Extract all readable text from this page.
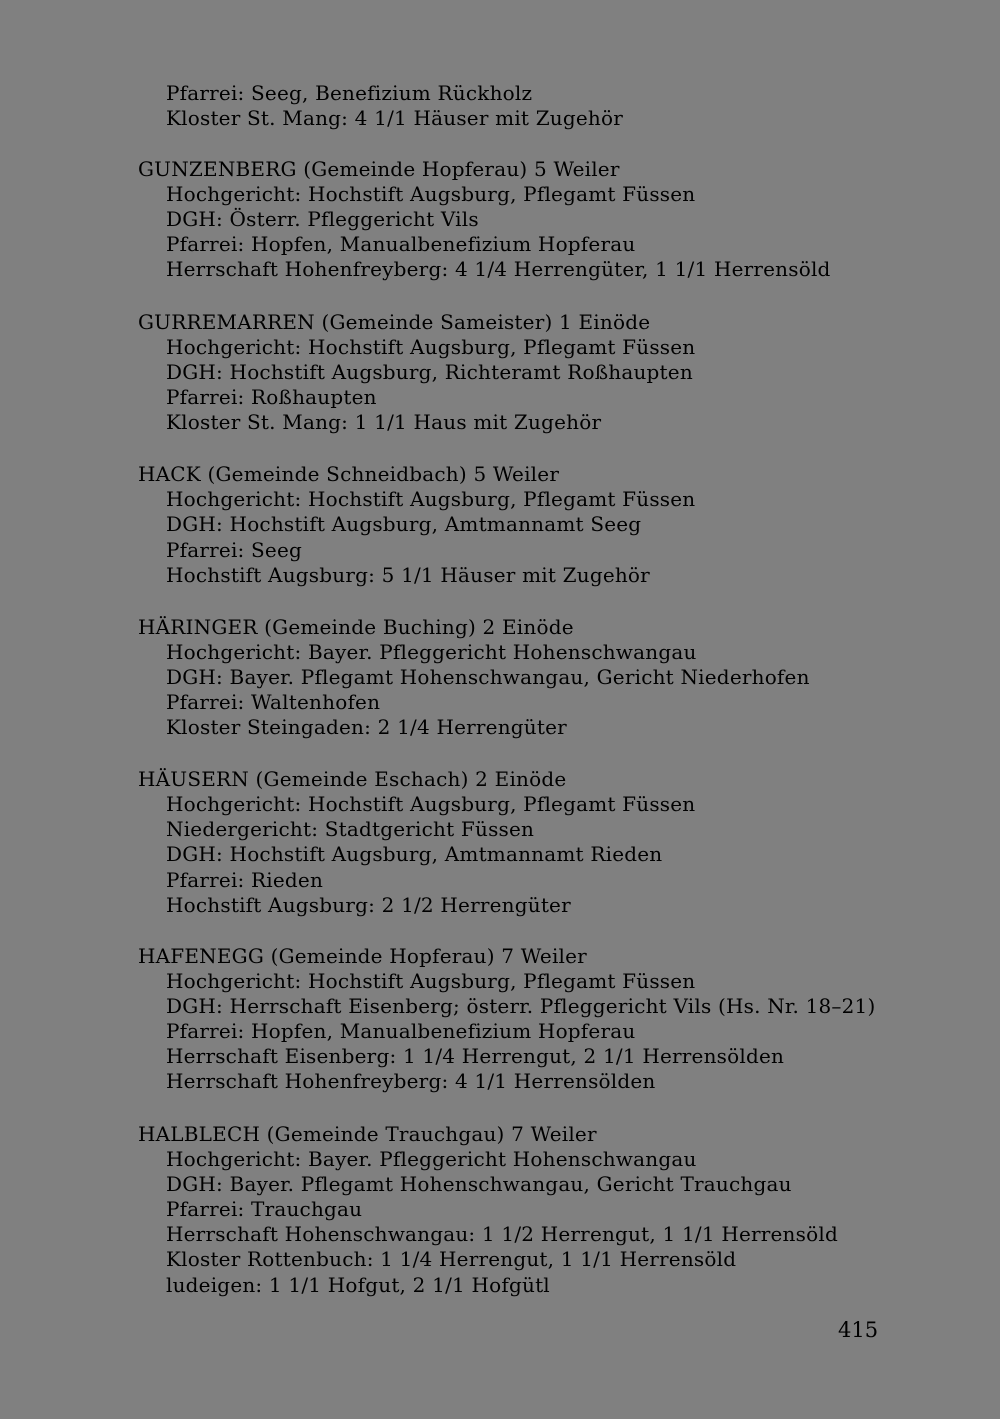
Pfarrei: Seeg, Benefizium Rückholz
Kloster St. Mang: 4 1/1 Häuser mit Zugehör
GUNZENBERG (Gemeinde Hopferau) 5 Weiler
Hochgericht: Hochstift Augsburg, Pflegamt Füssen
DGH: Österr. Pfleggericht Vils
Pfarrei: Hopfen, Manualbenefizium Hopferau
Herrschaft Hohenfreyberg: 4 1/4 Herrengüter, 1 1/1 Herrensöld
GURREMARREN (Gemeinde Sameister) 1 Einöde
Hochgericht: Hochstift Augsburg, Pflegamt Füssen
DGH: Hochstift Augsburg, Richteramt Roßhaupten
Pfarrei: Roßhaupten
Kloster St. Mang: 1 1/1 Haus mit Zugehör
HACK (Gemeinde Schneidbach) 5 Weiler
Hochgericht: Hochstift Augsburg, Pflegamt Füssen
DGH: Hochstift Augsburg, Amtmannamt Seeg
Pfarrei: Seeg
Hochstift Augsburg: 5 1/1 Häuser mit Zugehör
HÄRINGER (Gemeinde Buching) 2 Einöde
Hochgericht: Bayer. Pfleggericht Hohenschwangau
DGH: Bayer. Pflegamt Hohenschwangau, Gericht Niederhofen
Pfarrei: Waltenhofen
Kloster Steingaden: 2 1/4 Herrengüter
HÄUSERN (Gemeinde Eschach) 2 Einöde
Hochgericht: Hochstift Augsburg, Pflegamt Füssen
Niedergericht: Stadtgericht Füssen
DGH: Hochstift Augsburg, Amtmannamt Rieden
Pfarrei: Rieden
Hochstift Augsburg: 2 1/2 Herrengüter
HAFENEGG (Gemeinde Hopferau) 7 Weiler
Hochgericht: Hochstift Augsburg, Pflegamt Füssen
DGH: Herrschaft Eisenberg; österr. Pfleggericht Vils (Hs. Nr. 18–21)
Pfarrei: Hopfen, Manualbenefizium Hopferau
Herrschaft Eisenberg: 1 1/4 Herrengut, 2 1/1 Herrensölden
Herrschaft Hohenfreyberg: 4 1/1 Herrensölden
HALBLECH (Gemeinde Trauchgau) 7 Weiler
Hochgericht: Bayer. Pfleggericht Hohenschwangau
DGH: Bayer. Pflegamt Hohenschwangau, Gericht Trauchgau
Pfarrei: Trauchgau
Herrschaft Hohenschwangau: 1 1/2 Herrengut, 1 1/1 Herrensöld
Kloster Rottenbuch: 1 1/4 Herrengut, 1 1/1 Herrensöld
ludeigen: 1 1/1 Hofgut, 2 1/1 Hofgütl
415
